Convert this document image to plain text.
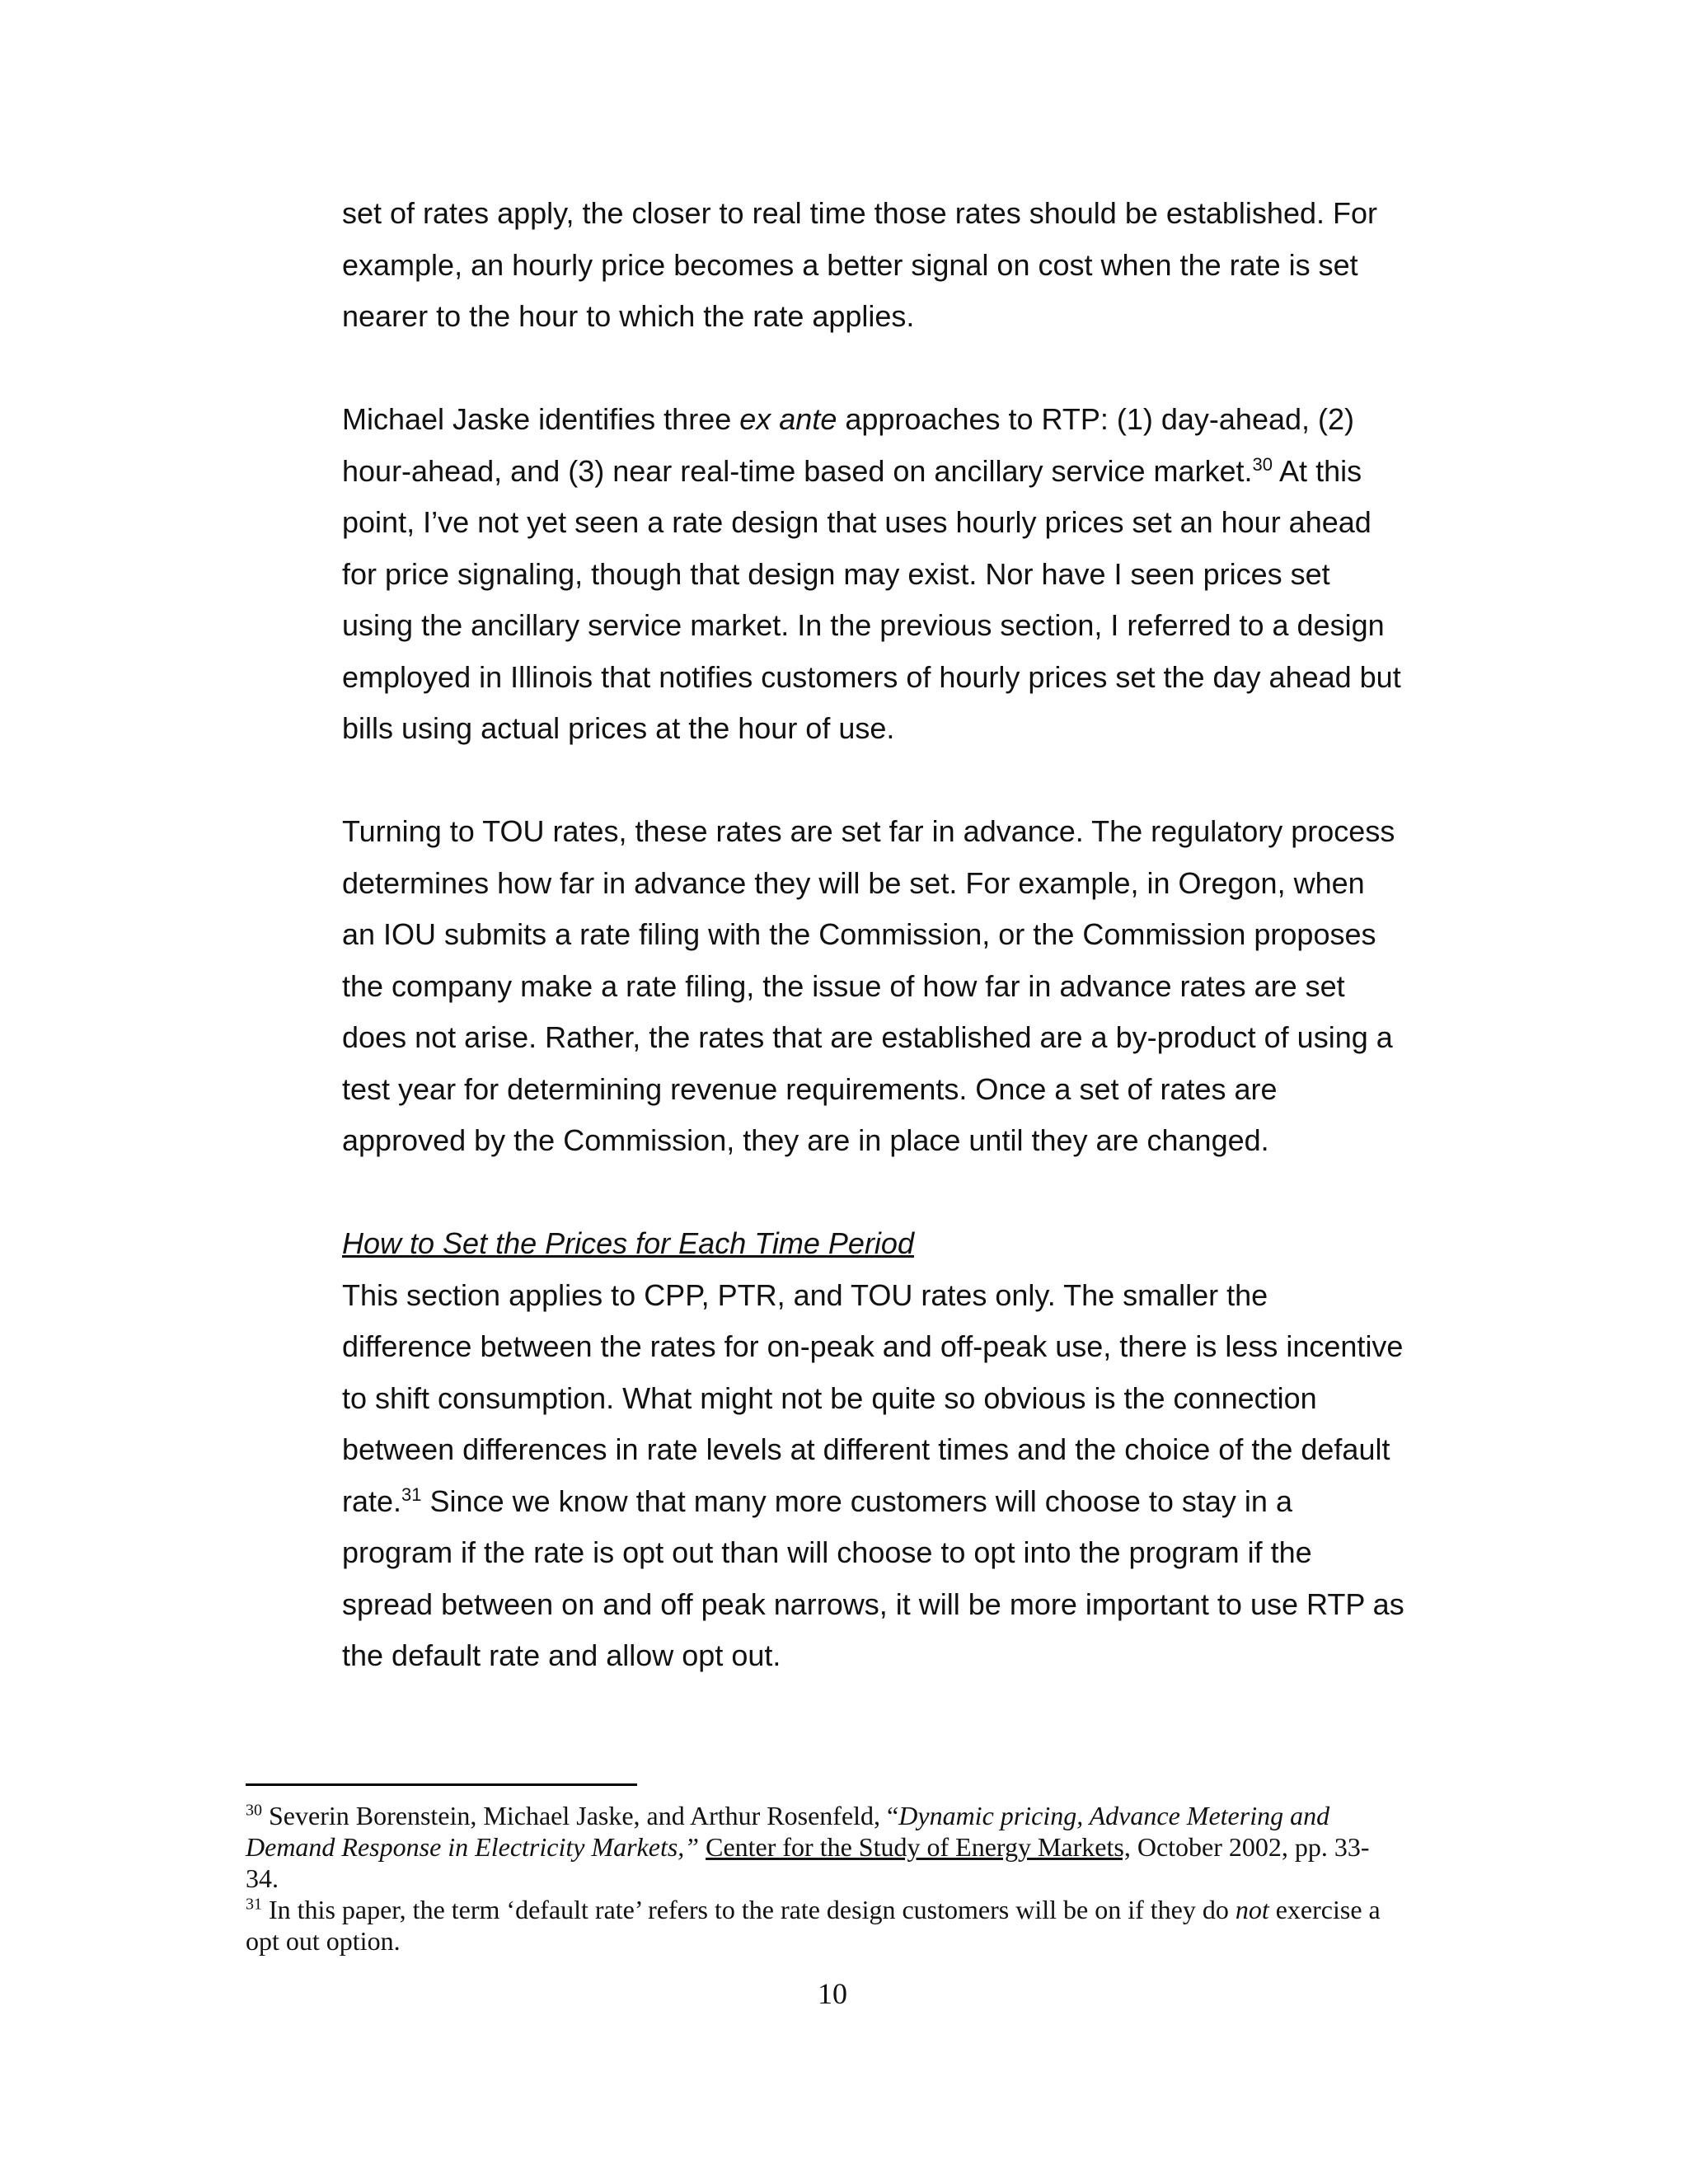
set of rates apply, the closer to real time those rates should be established. For
example, an hourly price becomes a better signal on cost when the rate is set
nearer to the hour to which the rate applies.
Michael Jaske identifies three ex ante approaches to RTP: (1) day-ahead, (2)
hour-ahead, and (3) near real-time based on ancillary service market.$^{30}$ At this
point, I’ve not yet seen a rate design that uses hourly prices set an hour ahead
for price signaling, though that design may exist. Nor have I seen prices set
using the ancillary service market. In the previous section, I referred to a design
employed in Illinois that notifies customers of hourly prices set the day ahead but
bills using actual prices at the hour of use.
Turning to TOU rates, these rates are set far in advance. The regulatory process
determines how far in advance they will be set. For example, in Oregon, when
an IOU submits a rate filing with the Commission, or the Commission proposes
the company make a rate filing, the issue of how far in advance rates are set
does not arise. Rather, the rates that are established are a by-product of using a
test year for determining revenue requirements. Once a set of rates are
approved by the Commission, they are in place until they are changed.
How to Set the Prices for Each Time Period
This section applies to CPP, PTR, and TOU rates only. The smaller the
difference between the rates for on-peak and off-peak use, there is less incentive
to shift consumption. What might not be quite so obvious is the connection
between differences in rate levels at different times and the choice of the default
rate.$^{31}$ Since we know that many more customers will choose to stay in a
program if the rate is opt out than will choose to opt into the program if the
spread between on and off peak narrows, it will be more important to use RTP as
the default rate and allow opt out.
$^{30}$ Severin Borenstein, Michael Jaske, and Arthur Rosenfeld, “Dynamic pricing, Advance Metering and
Demand Response in Electricity Markets,” Center for the Study of Energy Markets, October 2002, pp. 33-
34.
$^{31}$ In this paper, the term ‘default rate’ refers to the rate design customers will be on if they do not exercise a
opt out option.
10
